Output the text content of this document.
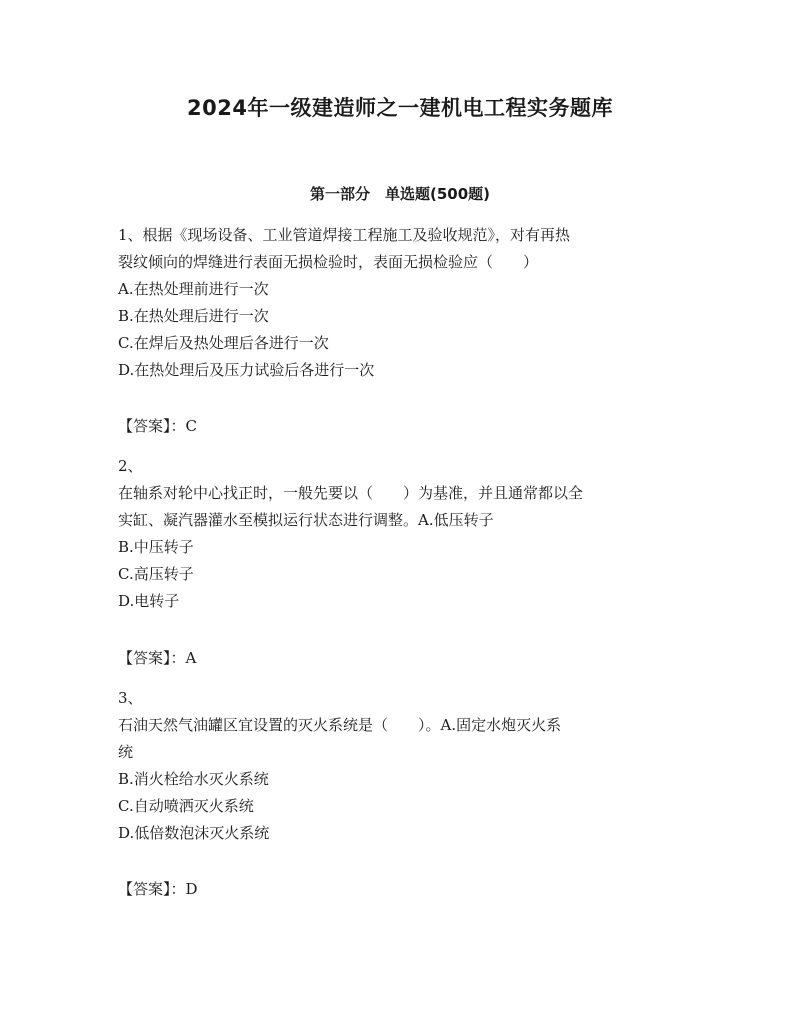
2024年一级建造师之一建机电工程实务题库
第一部分　单选题(500题)
1、根据《现场设备、工业管道焊接工程施工及验收规范》，对有再热
裂纹倾向的焊缝进行表面无损检验时，表面无损检验应（　　）
A.在热处理前进行一次
B.在热处理后进行一次
C.在焊后及热处理后各进行一次
D.在热处理后及压力试验后各进行一次
【答案】：C
2、
在轴系对轮中心找正时，一般先要以（　　）为基准，并且通常都以全
实缸、凝汽器灌水至模拟运行状态进行调整。A.低压转子
B.中压转子
C.高压转子
D.电转子
【答案】：A
3、
石油天然气油罐区宜设置的灭火系统是（　　）。A.固定水炮灭火系
统
B.消火栓给水灭火系统
C.自动喷洒灭火系统
D.低倍数泡沫灭火系统
【答案】：D
